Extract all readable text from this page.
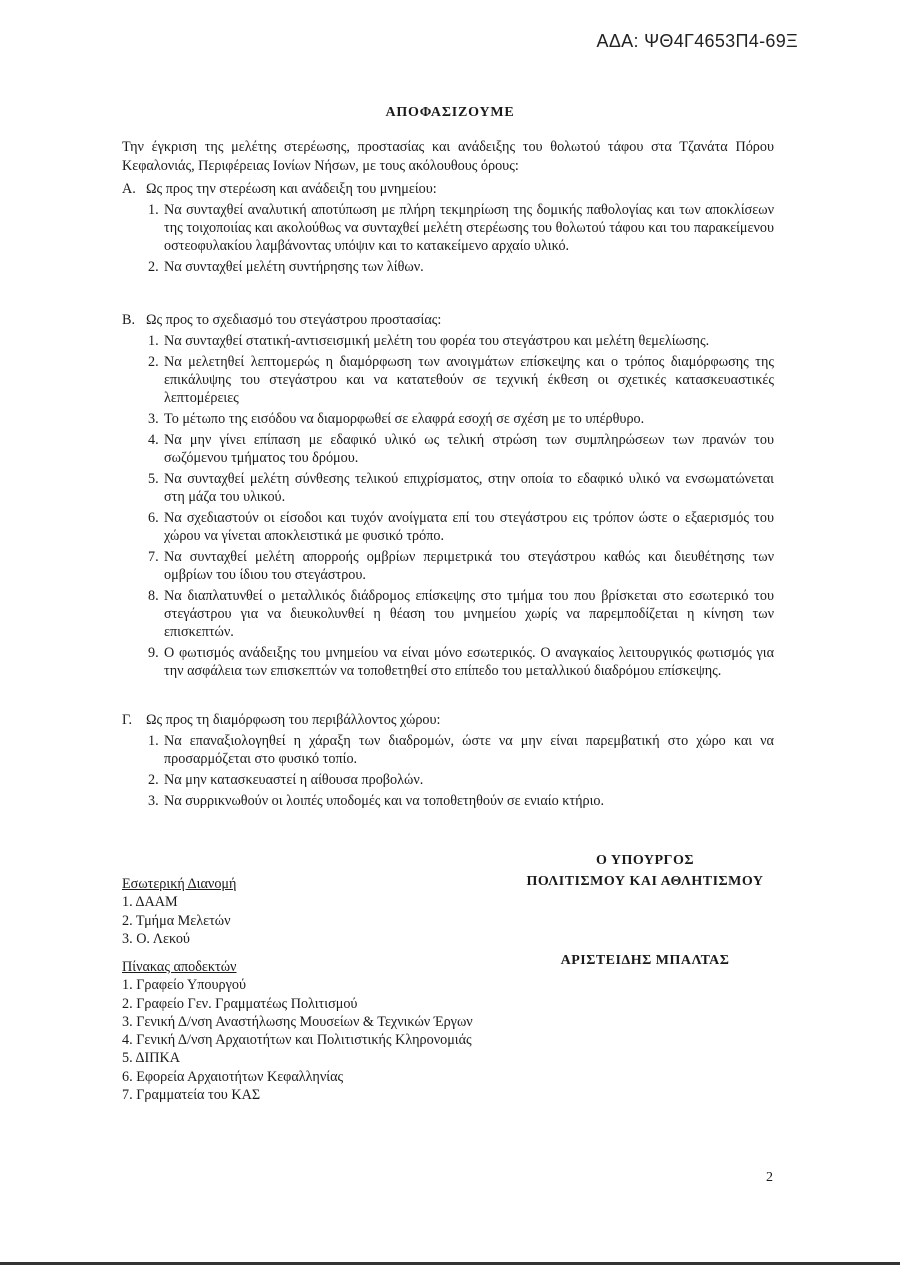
ΑΔΑ: ΨΘ4Γ4653Π4-69Ξ
ΑΠΟΦΑΣΙΖΟΥΜΕ
Την έγκριση της μελέτης στερέωσης, προστασίας και ανάδειξης του θολωτού τάφου στα Τζανάτα Πόρου Κεφαλονιάς, Περιφέρειας Ιονίων Νήσων, με τους ακόλουθους όρους:
Α. Ως προς την στερέωση και ανάδειξη του μνημείου:
1. Να συνταχθεί αναλυτική αποτύπωση με πλήρη τεκμηρίωση της δομικής παθολογίας και των αποκλίσεων της τοιχοποιίας και ακολούθως να συνταχθεί μελέτη στερέωσης του θολωτού τάφου και του παρακείμενου οστεοφυλακίου λαμβάνοντας υπόψιν και το κατακείμενο αρχαίο υλικό.
2. Να συνταχθεί μελέτη συντήρησης των λίθων.
Β. Ως προς το σχεδιασμό του στεγάστρου προστασίας:
1. Να συνταχθεί στατική-αντισεισμική μελέτη του φορέα του στεγάστρου και μελέτη θεμελίωσης.
2. Να μελετηθεί λεπτομερώς η διαμόρφωση των ανοιγμάτων επίσκεψης και ο τρόπος διαμόρφωσης της επικάλυψης του στεγάστρου και να κατατεθούν σε τεχνική έκθεση οι σχετικές κατασκευαστικές λεπτομέρειες
3. Το μέτωπο της εισόδου να διαμορφωθεί σε ελαφρά εσοχή σε σχέση με το υπέρθυρο.
4. Να μην γίνει επίπαση με εδαφικό υλικό ως τελική στρώση των συμπληρώσεων των πρανών του σωζόμενου τμήματος του δρόμου.
5. Να συνταχθεί μελέτη σύνθεσης τελικού επιχρίσματος, στην οποία το εδαφικό υλικό να ενσωματώνεται στη μάζα του υλικού.
6. Να σχεδιαστούν οι είσοδοι και τυχόν ανοίγματα επί του στεγάστρου εις τρόπον ώστε ο εξαερισμός του χώρου να γίνεται αποκλειστικά με φυσικό τρόπο.
7. Να συνταχθεί μελέτη απορροής ομβρίων περιμετρικά του στεγάστρου καθώς και διευθέτησης των ομβρίων του ίδιου του στεγάστρου.
8. Να διαπλατυνθεί ο μεταλλικός διάδρομος επίσκεψης στο τμήμα του που βρίσκεται στο εσωτερικό του στεγάστρου για να διευκολυνθεί η θέαση του μνημείου χωρίς να παρεμποδίζεται η κίνηση των επισκεπτών.
9. Ο φωτισμός ανάδειξης του μνημείου να είναι μόνο εσωτερικός. Ο αναγκαίος λειτουργικός φωτισμός για την ασφάλεια των επισκεπτών να τοποθετηθεί στο επίπεδο του μεταλλικού διαδρόμου επίσκεψης.
Γ. Ως προς τη διαμόρφωση του περιβάλλοντος χώρου:
1. Να επαναξιολογηθεί η χάραξη των διαδρομών, ώστε να μην είναι παρεμβατική στο χώρο και να προσαρμόζεται στο φυσικό τοπίο.
2. Να μην κατασκευαστεί η αίθουσα προβολών.
3. Να συρρικνωθούν οι λοιπές υποδομές και να τοποθετηθούν σε ενιαίο κτήριο.
Ο ΥΠΟΥΡΓΟΣ
ΠΟΛΙΤΙΣΜΟΥ ΚΑΙ ΑΘΛΗΤΙΣΜΟΥ
ΑΡΙΣΤΕΙΔΗΣ ΜΠΑΛΤΑΣ
Εσωτερική Διανομή
1. ΔΑΑΜ
2. Τμήμα Μελετών
3. Ο. Λεκού
Πίνακας αποδεκτών
1. Γραφείο Υπουργού
2. Γραφείο Γεν. Γραμματέως Πολιτισμού
3. Γενική Δ/νση Αναστήλωσης Μουσείων & Τεχνικών Έργων
4. Γενική Δ/νση Αρχαιοτήτων και Πολιτιστικής Κληρονομιάς
5. ΔΙΠΚΑ
6. Εφορεία Αρχαιοτήτων Κεφαλληνίας
7. Γραμματεία του ΚΑΣ
2
